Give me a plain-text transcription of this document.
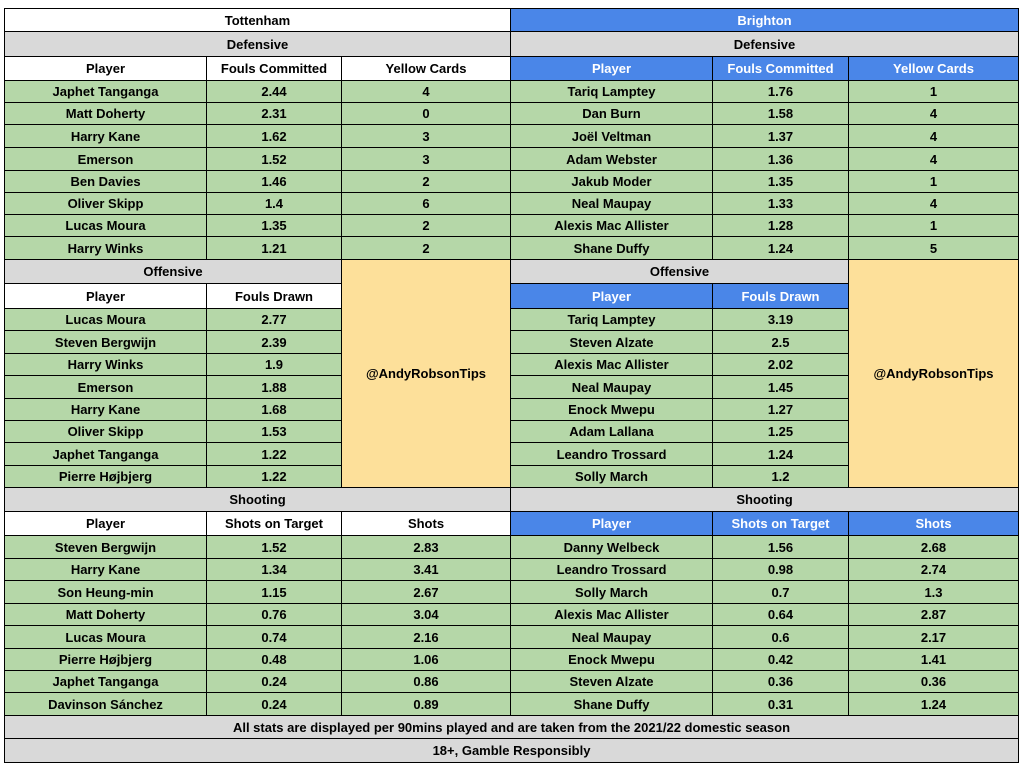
Tottenham	Brighton
Defensive	Defensive
Player	Fouls Committed	Yellow Cards
Japhet Tanganga	2.44	4
Matt Doherty	2.31	0
Harry Kane	1.62	3
Emerson	1.52	3
Ben Davies	1.46	2
Oliver Skipp	1.4	6
Lucas Moura	1.35	2
Harry Winks	1.21	2
Offensive
Player	Fouls Drawn
Lucas Moura	2.77
Steven Bergwijn	2.39
Harry Winks	1.9
Emerson	1.88
Harry Kane	1.68
Oliver Skipp	1.53
Japhet Tanganga	1.22
Pierre Højbjerg	1.22
@AndyRobsonTips
Shooting
Player	Shots on Target	Shots
Steven Bergwijn	1.52	2.83
Harry Kane	1.34	3.41
Son Heung-min	1.15	2.67
Matt Doherty	0.76	3.04
Lucas Moura	0.74	2.16
Pierre Højbjerg	0.48	1.06
Japhet Tanganga	0.24	0.86
Davinson Sánchez	0.24	0.89
Player	Fouls Committed	Yellow Cards
Tariq Lamptey	1.76	1
Dan Burn	1.58	4
Joël Veltman	1.37	4
Adam Webster	1.36	4
Jakub Moder	1.35	1
Neal Maupay	1.33	4
Alexis Mac Allister	1.28	1
Shane Duffy	1.24	5
Offensive
Player	Fouls Drawn
Tariq Lamptey	3.19
Steven Alzate	2.5
Alexis Mac Allister	2.02
Neal Maupay	1.45
Enock Mwepu	1.27
Adam Lallana	1.25
Leandro Trossard	1.24
Solly March	1.2
@AndyRobsonTips
Shooting
Player	Shots on Target	Shots
Danny Welbeck	1.56	2.68
Leandro Trossard	0.98	2.74
Solly March	0.7	1.3
Alexis Mac Allister	0.64	2.87
Neal Maupay	0.6	2.17
Enock Mwepu	0.42	1.41
Steven Alzate	0.36	0.36
Shane Duffy	0.31	1.24
All stats are displayed per 90mins played and are taken from the 2021/22 domestic season
18+, Gamble Responsibly
